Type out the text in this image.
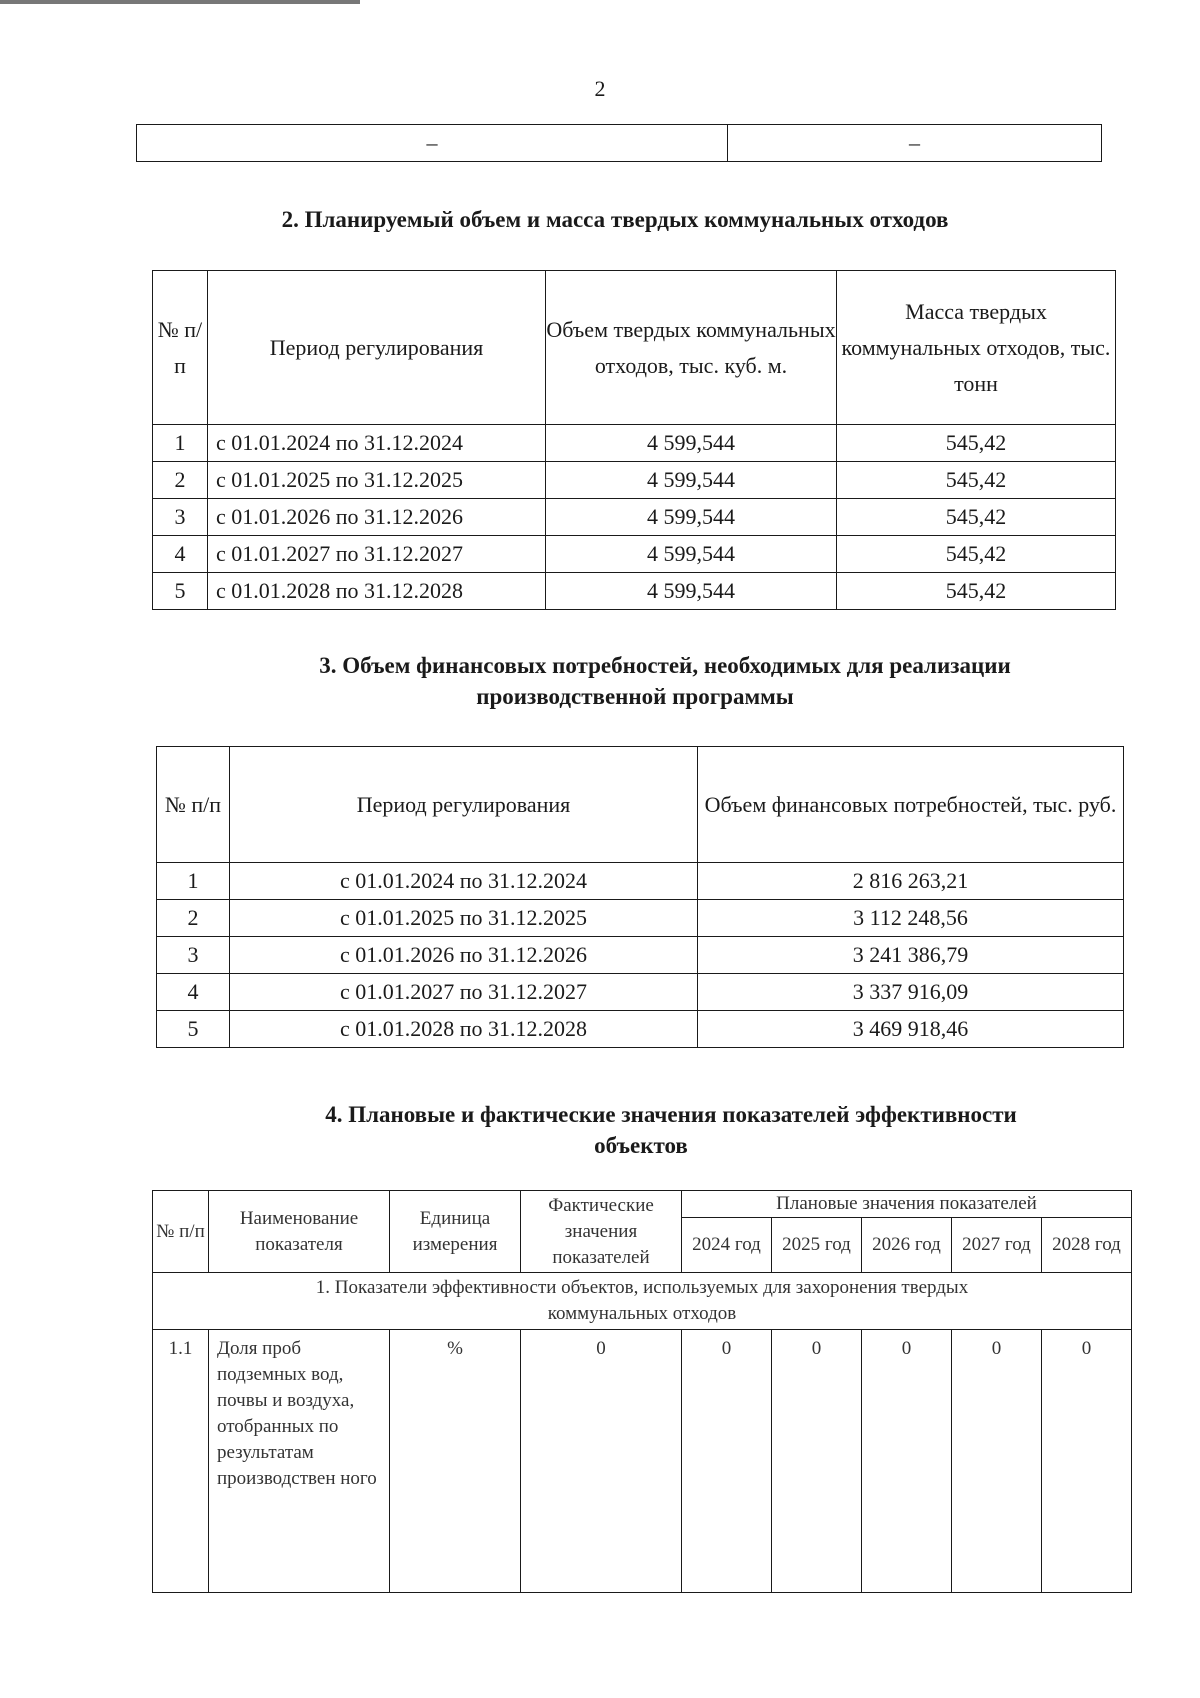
2
–	–
2. Планируемый объем и масса твердых коммунальных отходов
№ п/ п	Период регулирования	Объем твердых коммунальных отходов, тыс. куб. м.	Масса твердых коммунальных отходов, тыс. тонн
1	с 01.01.2024 по 31.12.2024	4 599,544	545,42
2	с 01.01.2025 по 31.12.2025	4 599,544	545,42
3	с 01.01.2026 по 31.12.2026	4 599,544	545,42
4	с 01.01.2027 по 31.12.2027	4 599,544	545,42
5	с 01.01.2028 по 31.12.2028	4 599,544	545,42
3. Объем финансовых потребностей, необходимых для реализации
производственной программы
№ п/п	Период регулирования	Объем финансовых потребностей, тыс. руб.
1	с 01.01.2024 по 31.12.2024	2 816 263,21
2	с 01.01.2025 по 31.12.2025	3 112 248,56
3	с 01.01.2026 по 31.12.2026	3 241 386,79
4	с 01.01.2027 по 31.12.2027	3 337 916,09
5	с 01.01.2028 по 31.12.2028	3 469 918,46
4. Плановые и фактические значения показателей эффективности
объектов
№ п/п	Наименование показателя	Единица измерения	Фактические значения показателей	Плановые значения показателей				
				2024 год	2025 год	2026 год	2027 год	2028 год
1. Показатели эффективности объектов, используемых для захоронения твердых коммунальных отходов								
1.1	Доля проб подземных вод, почвы и воздуха, отобранных по результатам производствен ного	%	0	0	0	0	0	0
